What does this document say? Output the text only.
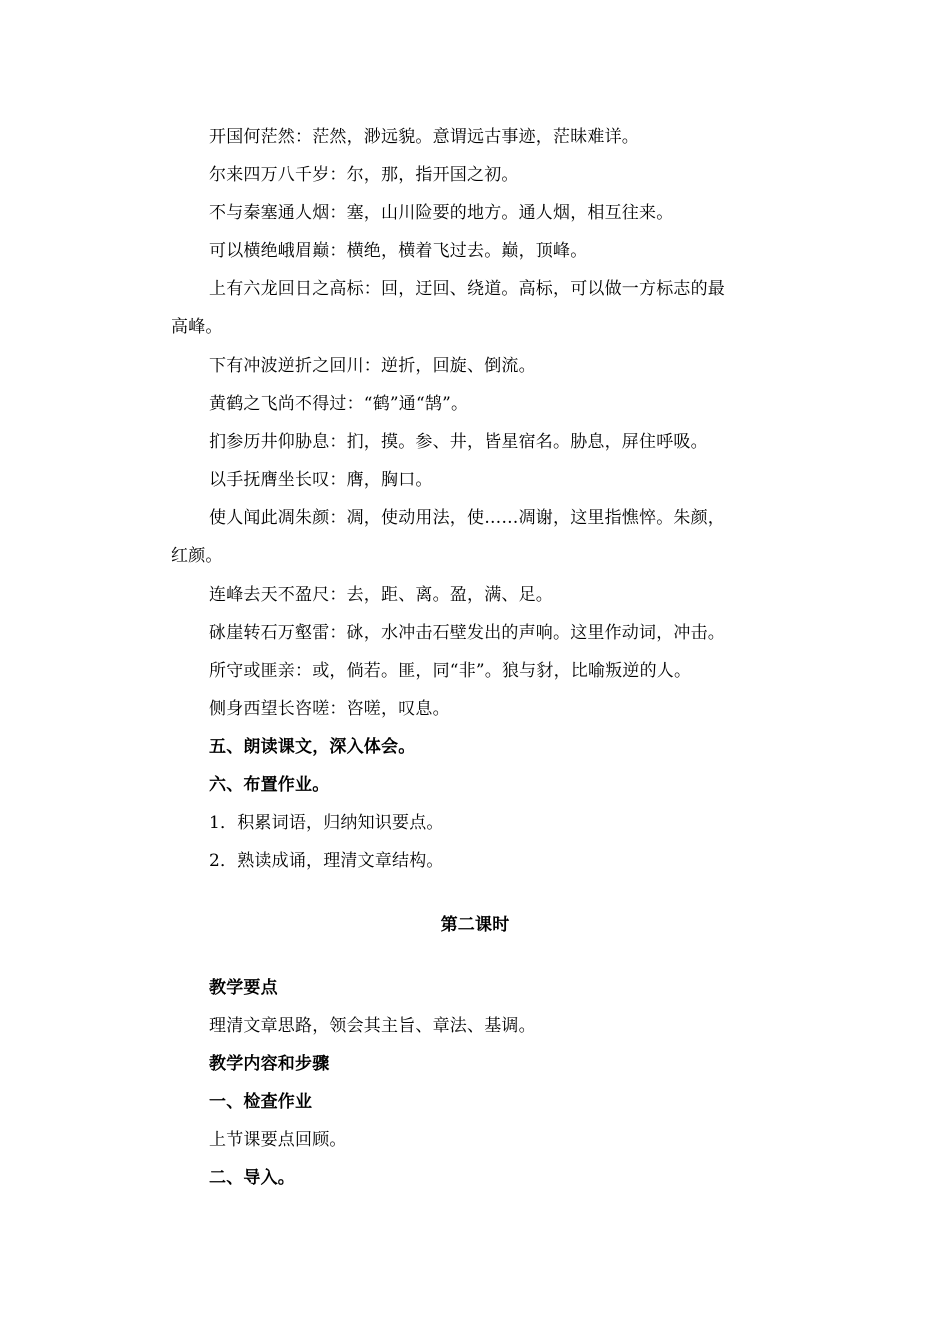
开国何茫然：茫然，渺远貌。意谓远古事迹，茫昧难详。
尔来四万八千岁：尔，那，指开国之初。
不与秦塞通人烟：塞，山川险要的地方。通人烟，相互往来。
可以横绝峨眉巅：横绝，横着飞过去。巅，顶峰。
上有六龙回日之高标：回，迂回、绕道。高标，可以做一方标志的最
高峰。
下有冲波逆折之回川：逆折，回旋、倒流。
黄鹤之飞尚不得过：“鹤”通“鹄”。
扪参历井仰胁息：扪，摸。参、井，皆星宿名。胁息，屏住呼吸。
以手抚膺坐长叹：膺，胸口。
使人闻此凋朱颜：凋，使动用法，使……凋谢，这里指憔悴。朱颜，
红颜。
连峰去天不盈尺：去，距、离。盈，满、足。
砯崖转石万壑雷：砯，水冲击石壁发出的声响。这里作动词，冲击。
所守或匪亲：或，倘若。匪，同“非”。狼与豺，比喻叛逆的人。
侧身西望长咨嗟：咨嗟，叹息。
五、朗读课文，深入体会。
六、布置作业。
1．积累词语，归纳知识要点。
2．熟读成诵，理清文章结构。
第二课时
教学要点
理清文章思路，领会其主旨、章法、基调。
教学内容和步骤
一、检查作业
上节课要点回顾。
二、导入。
